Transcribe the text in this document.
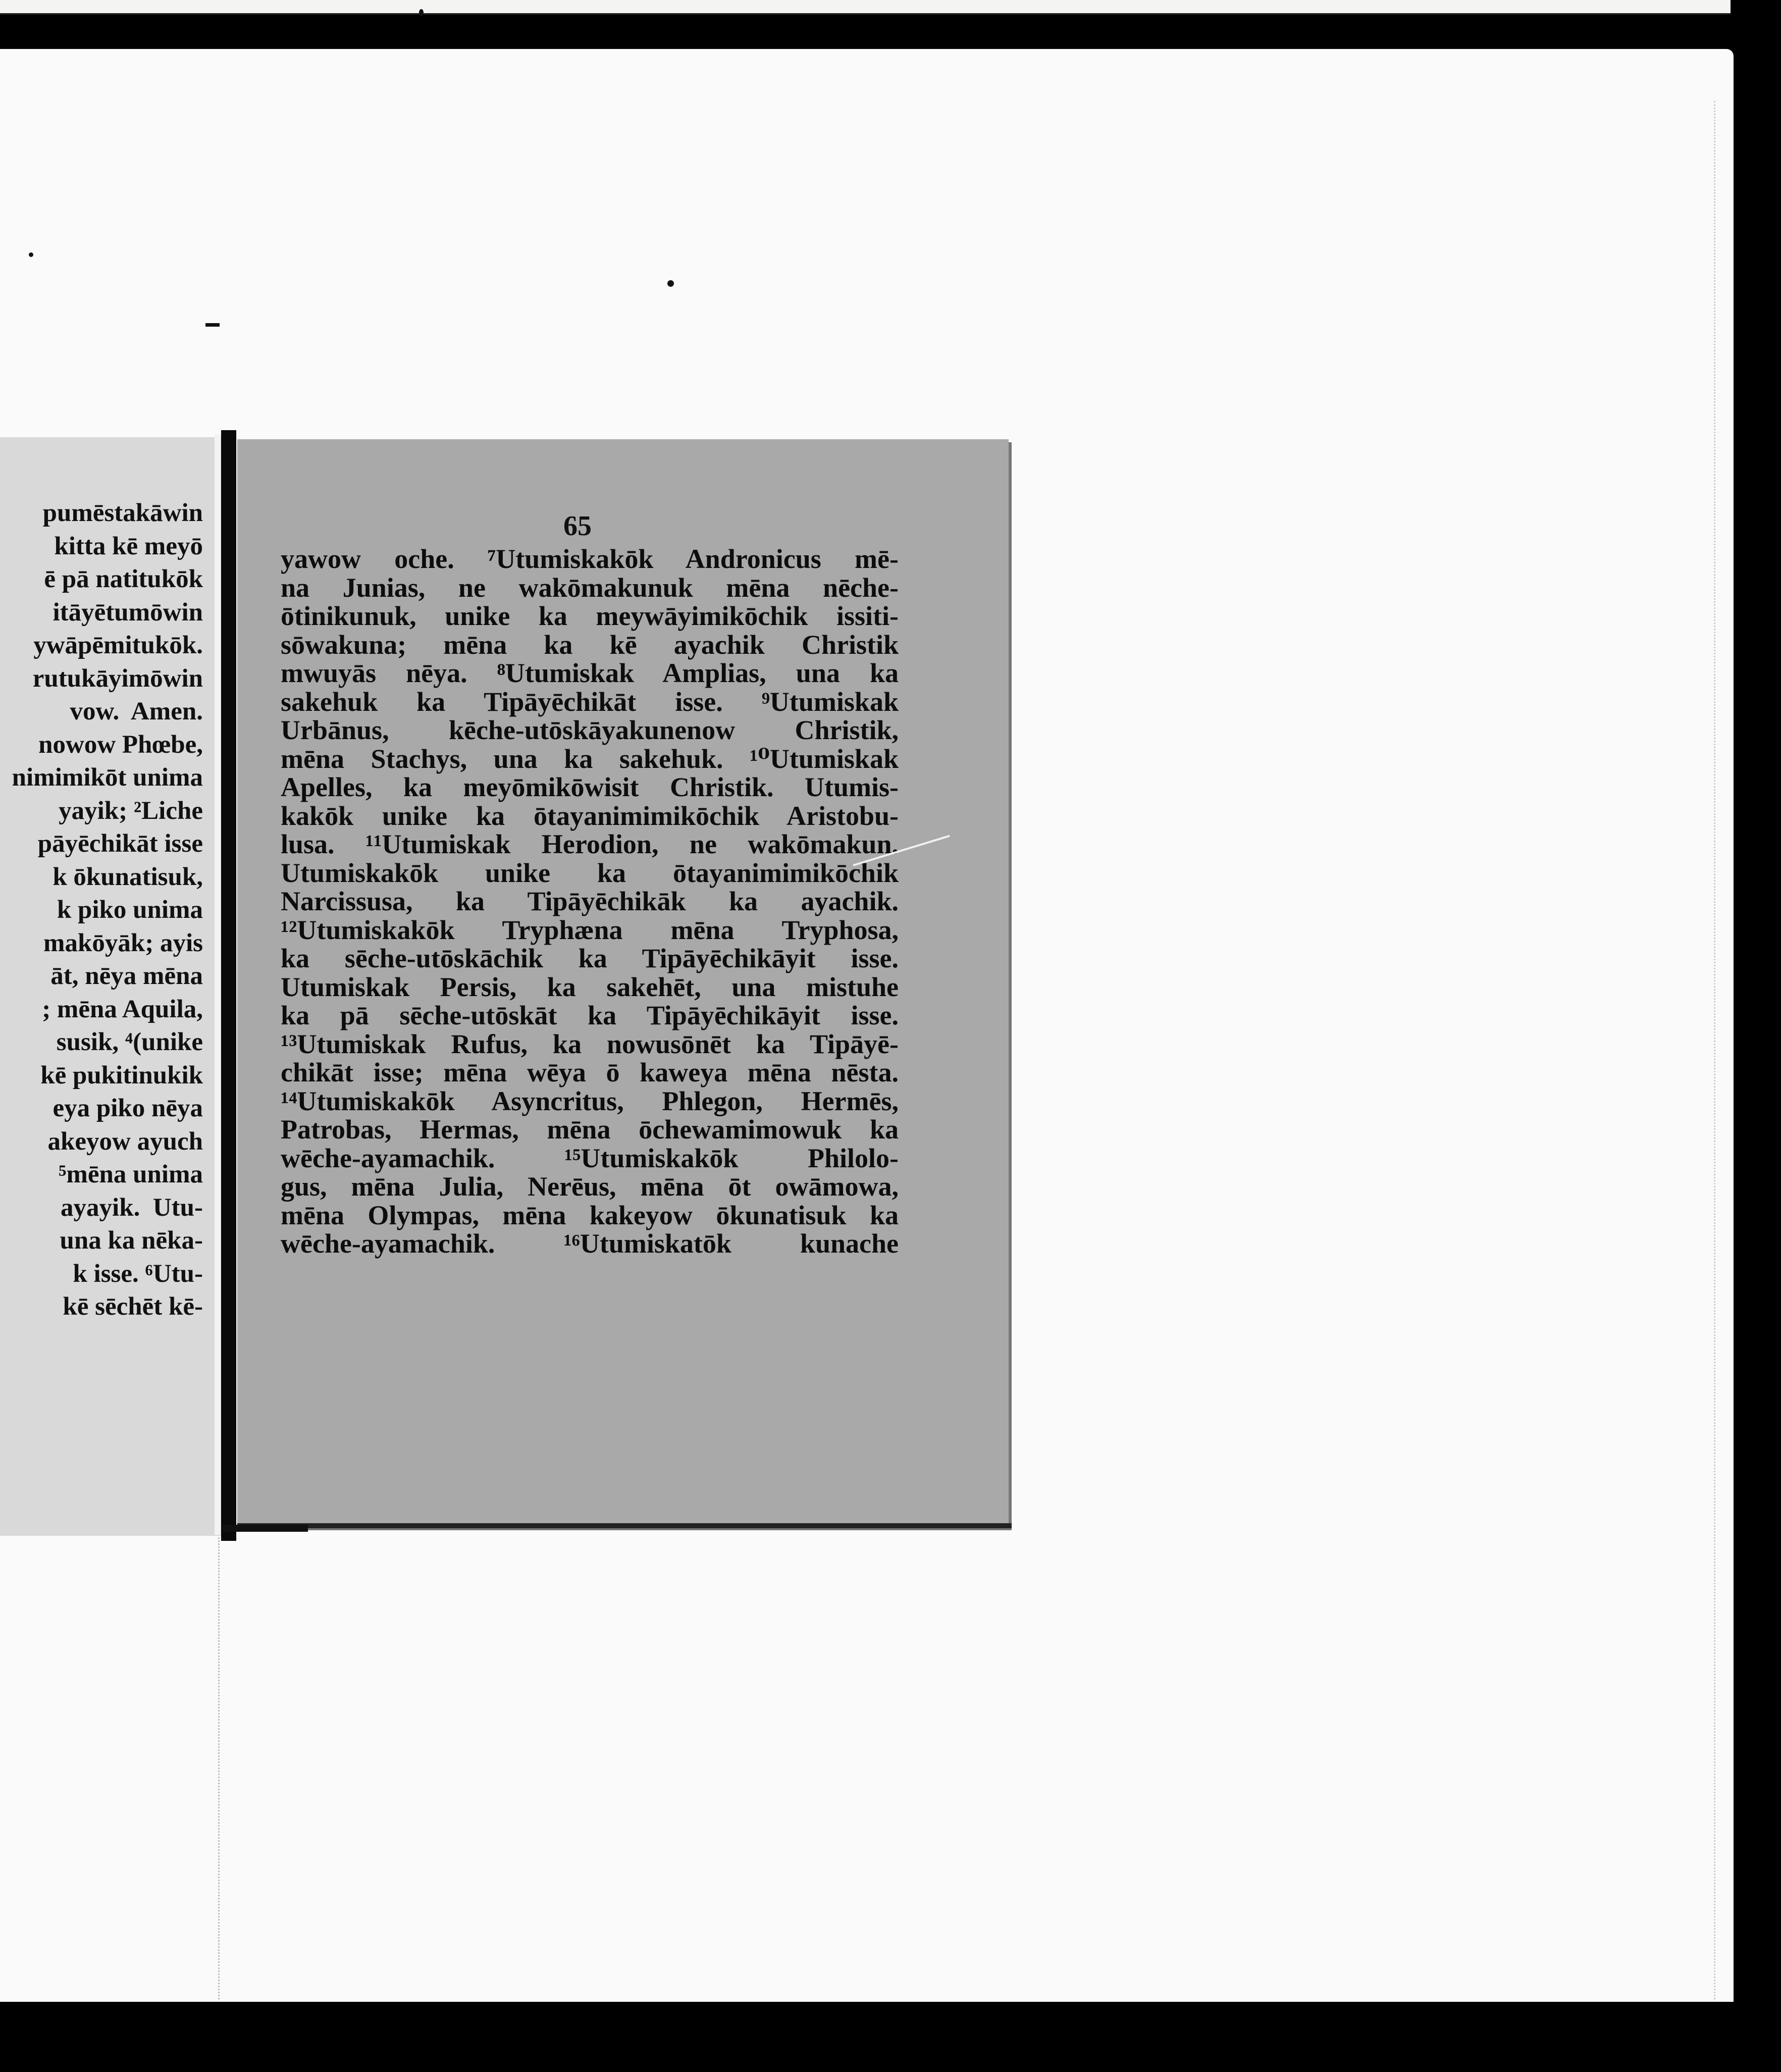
pumēstakāwin
kitta kē meyō
ē pā natitukōk
itāyētumōwin
ywāpēmitukōk.
rutukāyimōwin
vow.  Amen.
nowow Phœbe,
nimimikōt unima
yayik; ²Liche
pāyēchikāt isse
k ōkunatisuk,
k piko unima
makōyāk; ayis
āt, nēya mēna
; mēna Aquila,
susik, ⁴(unike
kē pukitinukik
eya piko nēya
akeyow ayuch
⁵mēna unima
ayayik.  Utu-
una ka nēka-
k isse. ⁶Utu-
kē sēchēt kē-
65
yawow oche. ⁷Utumiskakōk Andronicus mē-
na Junias, ne wakōmakunuk mēna nēche-
ōtinikunuk, unike ka meywāyimikōchik issiti-
sōwakuna; mēna ka kē ayachik Christik
mwuyās nēya. ⁸Utumiskak Amplias, una ka
sakehuk ka Tipāyēchikāt isse. ⁹Utumiskak
Urbānus, kēche-utōskāyakunenow Christik,
mēna Stachys, una ka sakehuk. ¹⁰Utumiskak
Apelles, ka meyōmikōwisit Christik. Utumis-
kakōk unike ka ōtayanimimikōchik Aristobu-
lusa. ¹¹Utumiskak Herodion, ne wakōmakun.
Utumiskakōk unike ka ōtayanimimikōchik
Narcissusa, ka Tipāyēchikāk ka ayachik.
¹²Utumiskakōk Tryphæna mēna Tryphosa,
ka sēche-utōskāchik ka Tipāyēchikāyit isse.
Utumiskak Persis, ka sakehēt, una mistuhe
ka pā sēche-utōskāt ka Tipāyēchikāyit isse.
¹³Utumiskak Rufus, ka nowusōnēt ka Tipāyē-
chikāt isse; mēna wēya ō kaweya mēna nēsta.
¹⁴Utumiskakōk Asyncritus, Phlegon, Hermēs,
Patrobas, Hermas, mēna ōchewamimowuk ka
wēche-ayamachik. ¹⁵Utumiskakōk Philolo-
gus, mēna Julia, Nerēus, mēna ōt owāmowa,
mēna Olympas, mēna kakeyow ōkunatisuk ka
wēche-ayamachik. ¹⁶Utumiskatōk kunache
